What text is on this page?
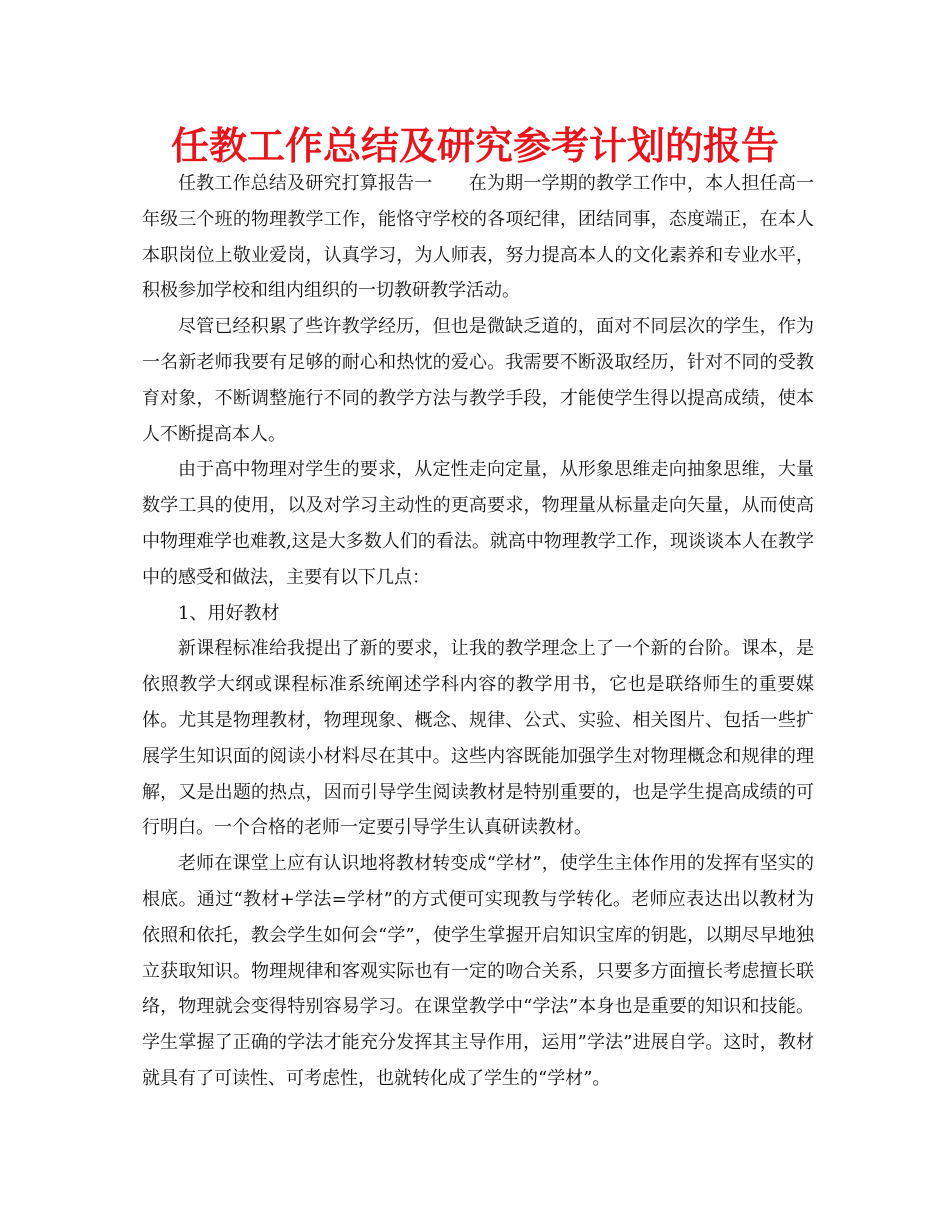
任教工作总结及研究参考计划的报告

任教工作总结及研究打算报告一　　在为期一学期的教学工作中，本人担任高一年级三个班的物理教学工作，能恪守学校的各项纪律，团结同事，态度端正，在本人本职岗位上敬业爱岗，认真学习，为人师表，努力提高本人的文化素养和专业水平，积极参加学校和组内组织的一切教研教学活动。

尽管已经积累了些许教学经历，但也是微缺乏道的，面对不同层次的学生，作为一名新老师我要有足够的耐心和热忱的爱心。我需要不断汲取经历，针对不同的受教育对象，不断调整施行不同的教学方法与教学手段，才能使学生得以提高成绩，使本人不断提高本人。

由于高中物理对学生的要求，从定性走向定量，从形象思维走向抽象思维，大量数学工具的使用，以及对学习主动性的更高要求，物理量从标量走向矢量，从而使高中物理难学也难教,这是大多数人们的看法。就高中物理教学工作，现谈谈本人在教学中的感受和做法，主要有以下几点：

1、用好教材

新课程标准给我提出了新的要求，让我的教学理念上了一个新的台阶。课本，是依照教学大纲或课程标准系统阐述学科内容的教学用书，它也是联络师生的重要媒体。尤其是物理教材，物理现象、概念、规律、公式、实验、相关图片、包括一些扩展学生知识面的阅读小材料尽在其中。这些内容既能加强学生对物理概念和规律的理解，又是出题的热点，因而引导学生阅读教材是特别重要的，也是学生提高成绩的可行明白。一个合格的老师一定要引导学生认真研读教材。

老师在课堂上应有认识地将教材转变成“学材”，使学生主体作用的发挥有坚实的根底。通过“教材+学法=学材”的方式便可实现教与学转化。老师应表达出以教材为依照和依托，教会学生如何会“学”，使学生掌握开启知识宝库的钥匙，以期尽早地独立获取知识。物理规律和客观实际也有一定的吻合关系，只要多方面擅长考虑擅长联络，物理就会变得特别容易学习。在课堂教学中“学法”本身也是重要的知识和技能。学生掌握了正确的学法才能充分发挥其主导作用，运用”学法”进展自学。这时，教材就具有了可读性、可考虑性，也就转化成了学生的“学材”。
